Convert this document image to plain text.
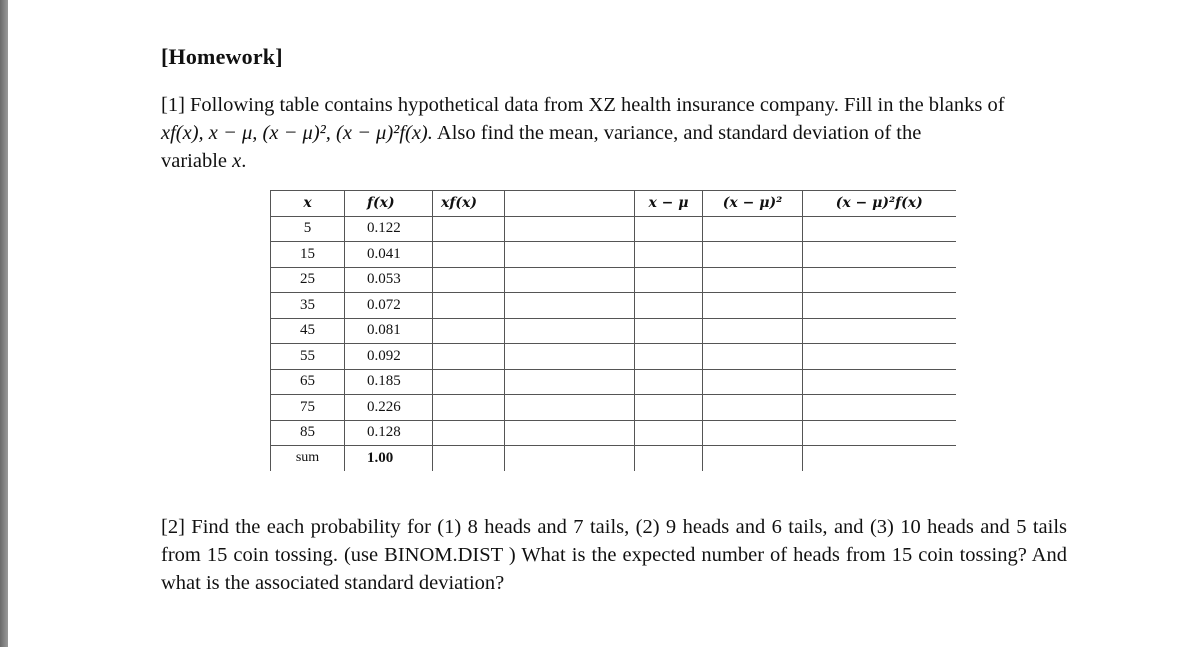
[Homework]
[1] Following table contains hypothetical data from XZ health insurance company. Fill in the blanks of
xf(x), x − μ, (x − μ)², (x − μ)²f(x). Also find the mean, variance, and standard deviation of the
variable x.
x	f(x)	xf(x)		x − μ	(x − μ)²	(x − μ)²f(x)
5	0.122					
15	0.041					
25	0.053					
35	0.072					
45	0.081					
55	0.092					
65	0.185					
75	0.226					
85	0.128					
sum	1.00					
[2] Find the each probability for (1) 8 heads and 7 tails, (2) 9 heads and 6 tails, and (3) 10 heads and 5 tails from 15 coin tossing. (use BINOM.DIST ) What is the expected number of heads from 15 coin tossing? And what is the associated standard deviation?
